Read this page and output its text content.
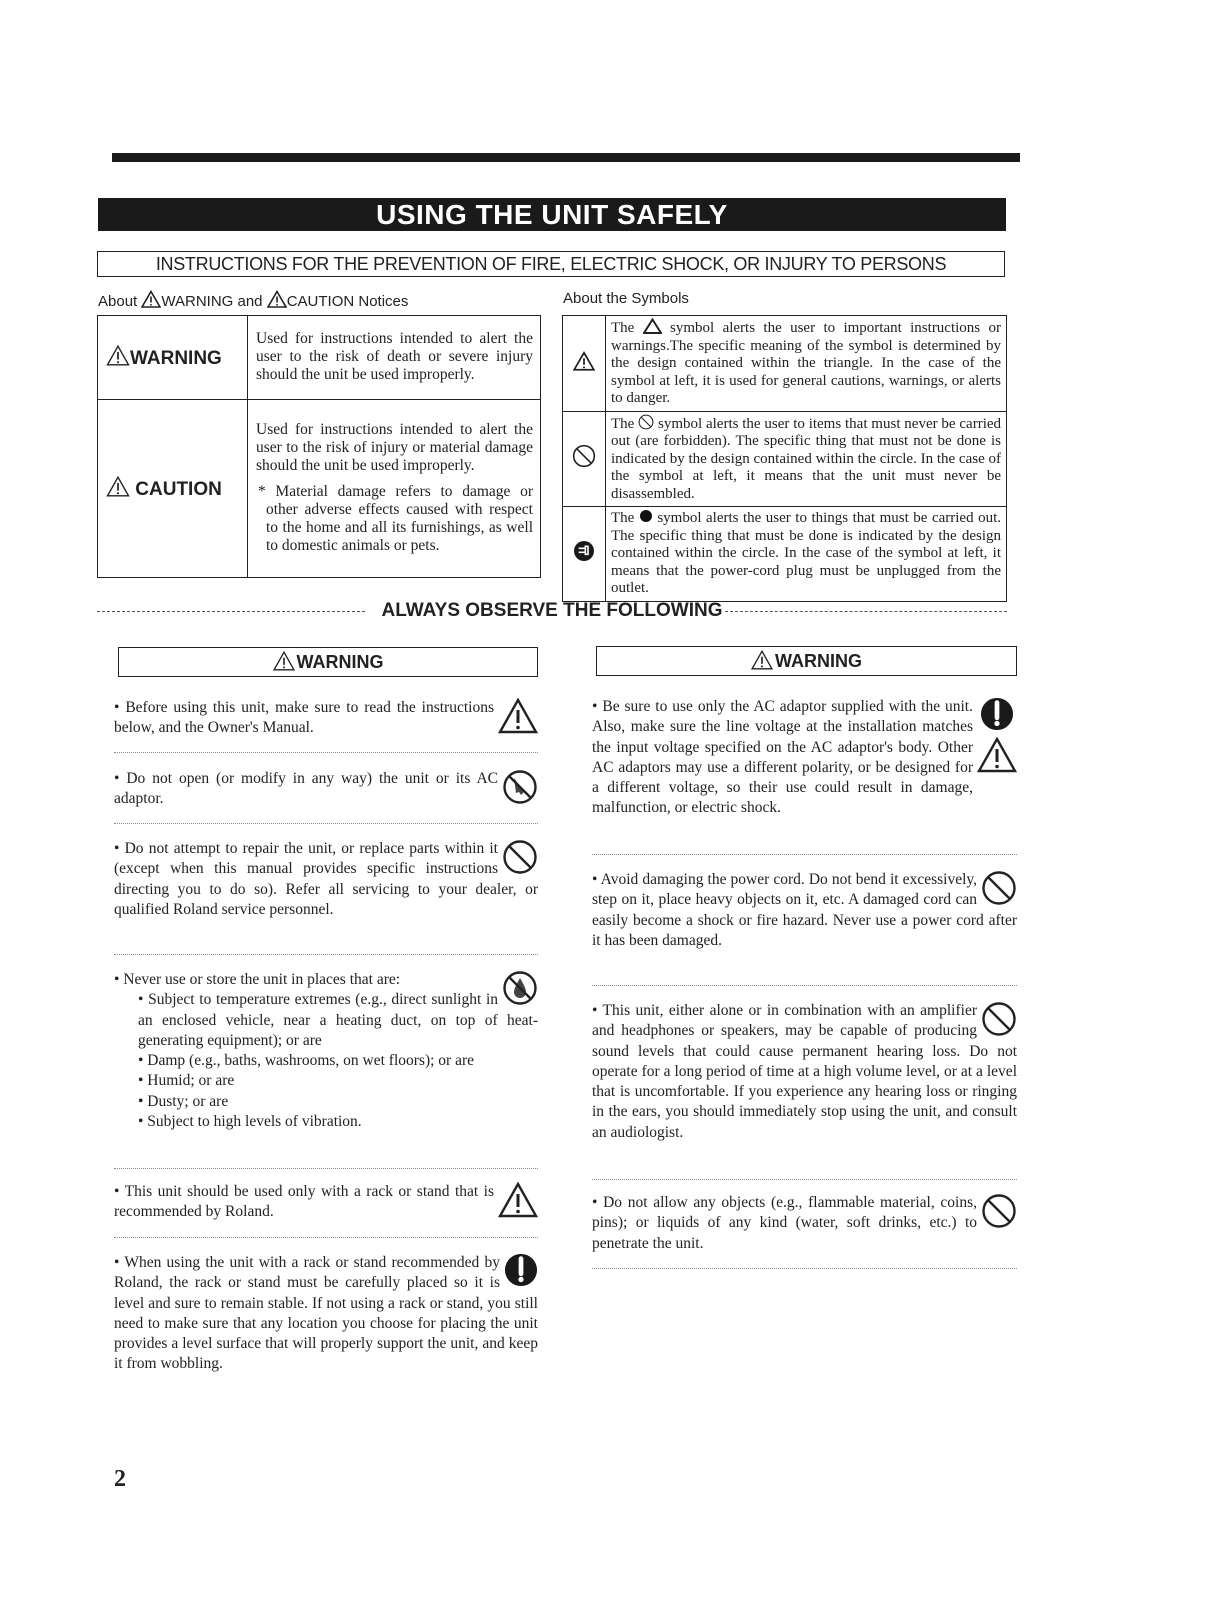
USING THE UNIT SAFELY
INSTRUCTIONS FOR THE PREVENTION OF FIRE, ELECTRIC SHOCK, OR INJURY TO PERSONS
About WARNING and CAUTION Notices	About the Symbols
WARNING	Used for instructions intended to alert the user to the risk of death or severe injury should the unit be used improperly.
CAUTION	Used for instructions intended to alert the user to the risk of injury or material damage should the unit be used improperly.
* Material damage refers to damage or other adverse effects caused with respect to the home and all its furnishings, as well to domestic animals or pets.
	The symbol alerts the user to important instructions or warnings.The specific meaning of the symbol is determined by the design contained within the triangle. In the case of the symbol at left, it is used for general cautions, warnings, or alerts to danger.
	The symbol alerts the user to items that must never be carried out (are forbidden). The specific thing that must not be done is indicated by the design contained within the circle. In the case of the symbol at left, it means that the unit must never be disassembled.
	The symbol alerts the user to things that must be carried out. The specific thing that must be done is indicated by the design contained within the circle. In the case of the symbol at left, it means that the power-cord plug must be unplugged from the outlet.
ALWAYS OBSERVE THE FOLLOWING
WARNING
• Before using this unit, make sure to read the instructions below, and the Owner's Manual.
• Do not open (or modify in any way) the unit or its AC adaptor.
• Do not attempt to repair the unit, or replace parts within it (except when this manual provides specific instructions directing you to do so). Refer all servicing to your dealer, or qualified Roland service personnel.
• Never use or store the unit in places that are:
• Subject to temperature extremes (e.g., direct sunlight in an enclosed vehicle, near a heating duct, on top of heat-generating equipment); or are
• Damp (e.g., baths, washrooms, on wet floors); or are
• Humid; or are
• Dusty; or are
• Subject to high levels of vibration.
• This unit should be used only with a rack or stand that is recommended by Roland.
• When using the unit with a rack or stand recommended by Roland, the rack or stand must be carefully placed so it is level and sure to remain stable. If not using a rack or stand, you still need to make sure that any location you choose for placing the unit provides a level surface that will properly support the unit, and keep it from wobbling.
WARNING

• Be sure to use only the AC adaptor supplied with the unit. Also, make sure the line voltage at the installation matches the input voltage specified on the AC adaptor's body. Other AC adaptors may use a different polarity, or be designed for a different voltage, so their use could result in damage, malfunction, or electric shock.
• Avoid damaging the power cord. Do not bend it excessively, step on it, place heavy objects on it, etc. A damaged cord can easily become a shock or fire hazard. Never use a power cord after it has been damaged.
• This unit, either alone or in combination with an amplifier and headphones or speakers, may be capable of producing sound levels that could cause permanent hearing loss. Do not operate for a long period of time at a high volume level, or at a level that is uncomfortable. If you experience any hearing loss or ringing in the ears, you should immediately stop using the unit, and consult an audiologist.
• Do not allow any objects (e.g., flammable material, coins, pins); or liquids of any kind (water, soft drinks, etc.) to penetrate the unit.
2
